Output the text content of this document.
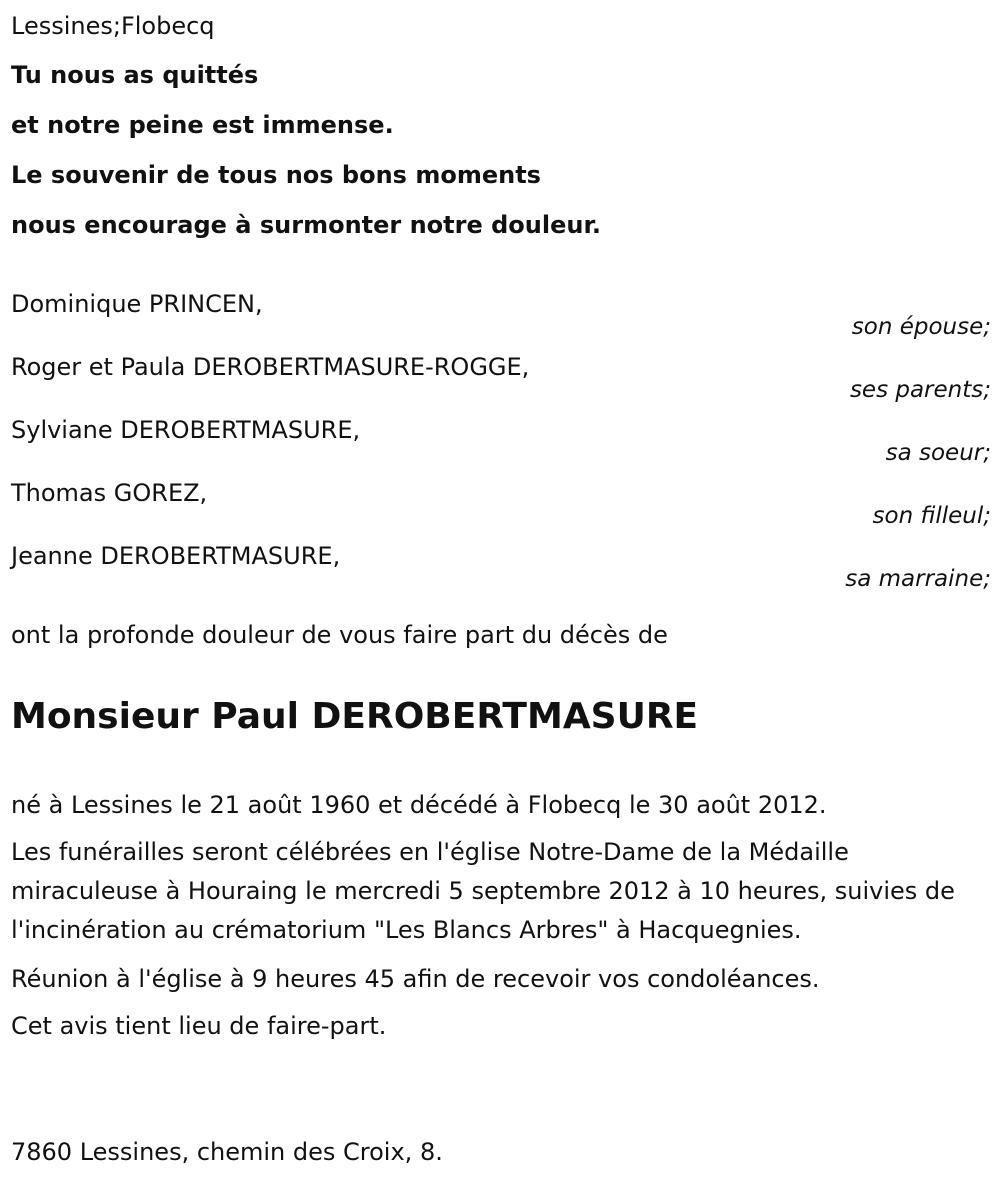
Lessines;Flobecq
Tu nous as quittés
et notre peine est immense.
Le souvenir de tous nos bons moments
nous encourage à surmonter notre douleur.
Dominique PRINCEN,
son épouse;
Roger et Paula DEROBERTMASURE-ROGGE,
ses parents;
Sylviane DEROBERTMASURE,
sa soeur;
Thomas GOREZ,
son filleul;
Jeanne DEROBERTMASURE,
sa marraine;
ont la profonde douleur de vous faire part du décès de
Monsieur Paul DEROBERTMASURE

né à Lessines le 21 août 1960 et décédé à Flobecq le 30 août 2012.

Les funérailles seront célébrées en l'église Notre-Dame de la Médaille miraculeuse à Houraing le mercredi 5 septembre 2012 à 10 heures, suivies de l'incinération au crématorium "Les Blancs Arbres" à Hacquegnies.

Réunion à l'église à 9 heures 45 afin de recevoir vos condoléances.

Cet avis tient lieu de faire-part.

7860 Lessines, chemin des Croix, 8.
